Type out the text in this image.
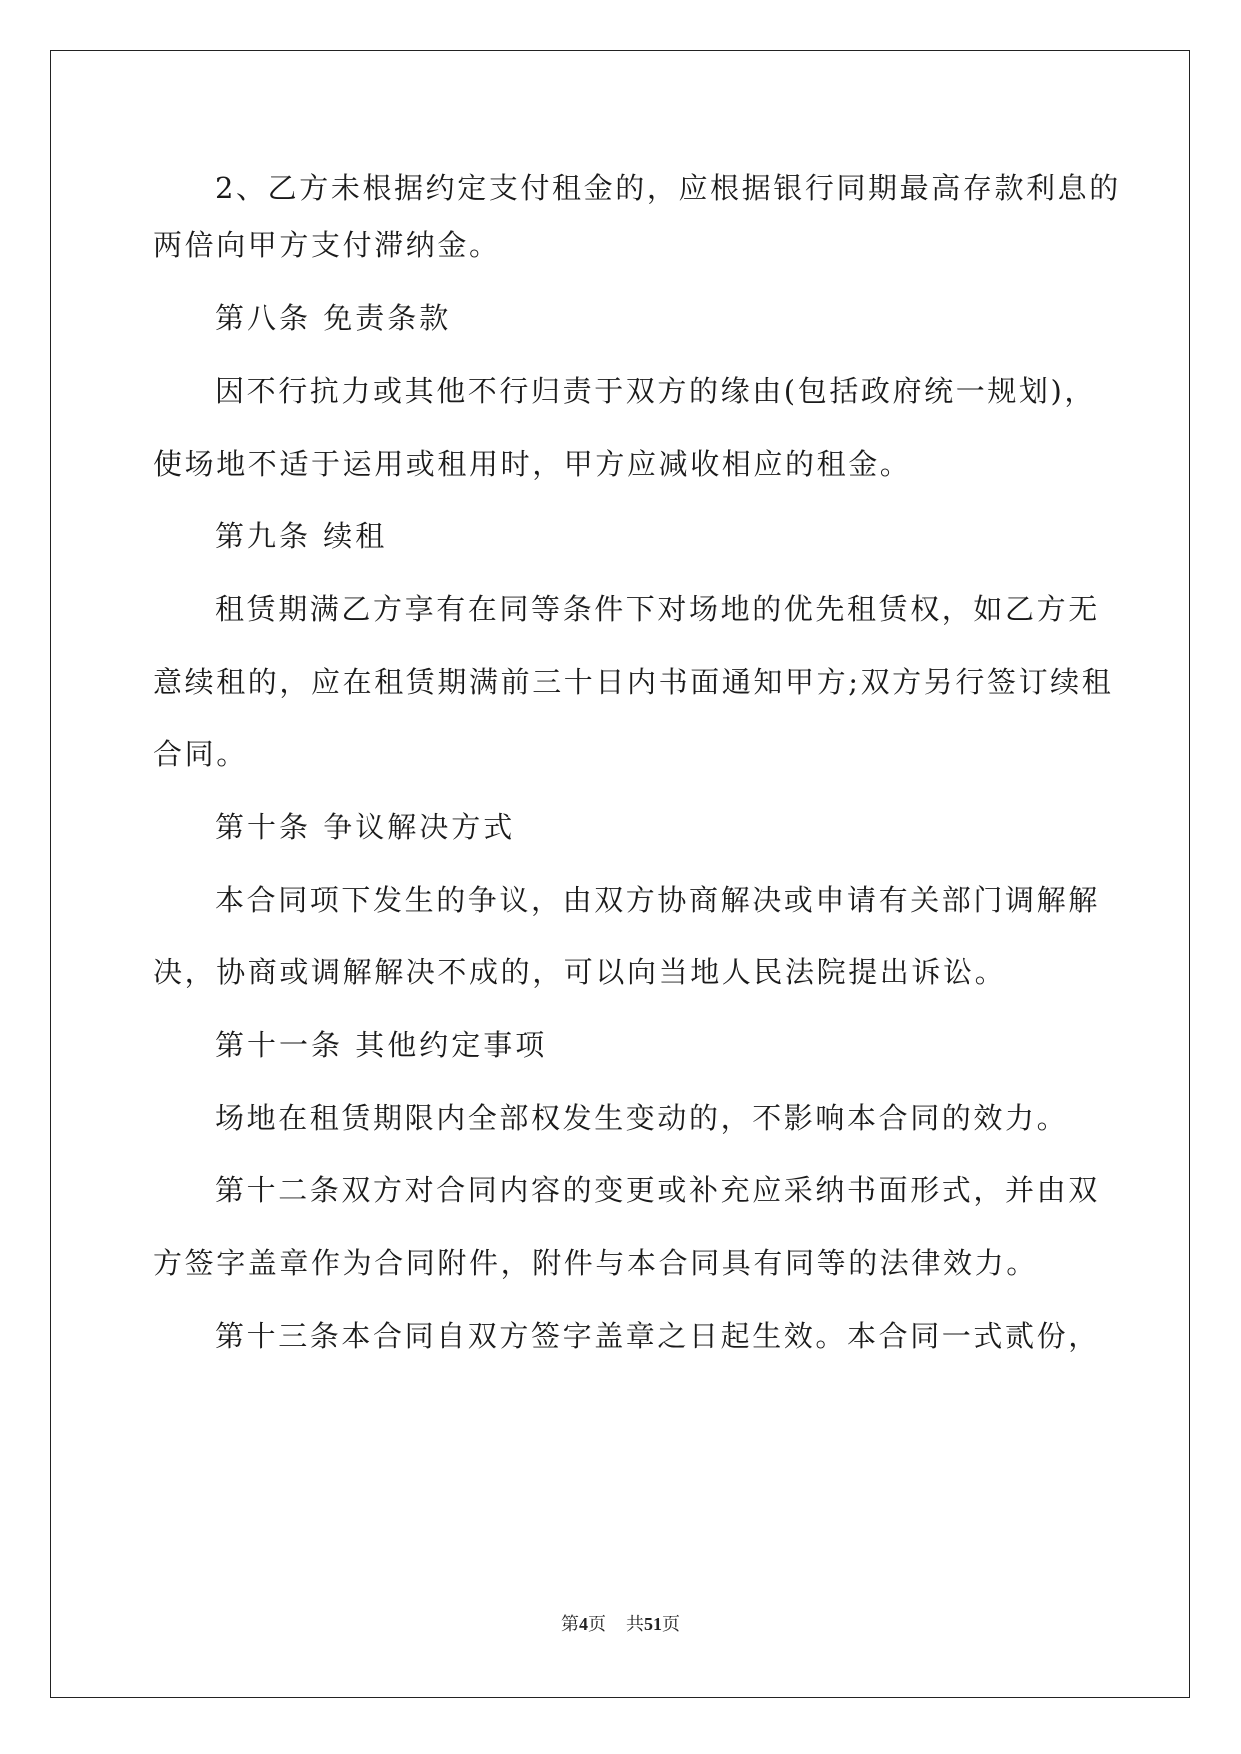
2、乙方未根据约定支付租金的，应根据银行同期最高存款利息的
两倍向甲方支付滞纳金。
第八条 免责条款
因不行抗力或其他不行归责于双方的缘由(包括政府统一规划)，
使场地不适于运用或租用时，甲方应减收相应的租金。
第九条 续租
租赁期满乙方享有在同等条件下对场地的优先租赁权，如乙方无
意续租的，应在租赁期满前三十日内书面通知甲方;双方另行签订续租
合同。
第十条 争议解决方式
本合同项下发生的争议，由双方协商解决或申请有关部门调解解
决，协商或调解解决不成的，可以向当地人民法院提出诉讼。
第十一条 其他约定事项
场地在租赁期限内全部权发生变动的，不影响本合同的效力。
第十二条双方对合同内容的变更或补充应采纳书面形式，并由双
方签字盖章作为合同附件，附件与本合同具有同等的法律效力。
第十三条本合同自双方签字盖章之日起生效。本合同一式贰份，
第4页 共51页
